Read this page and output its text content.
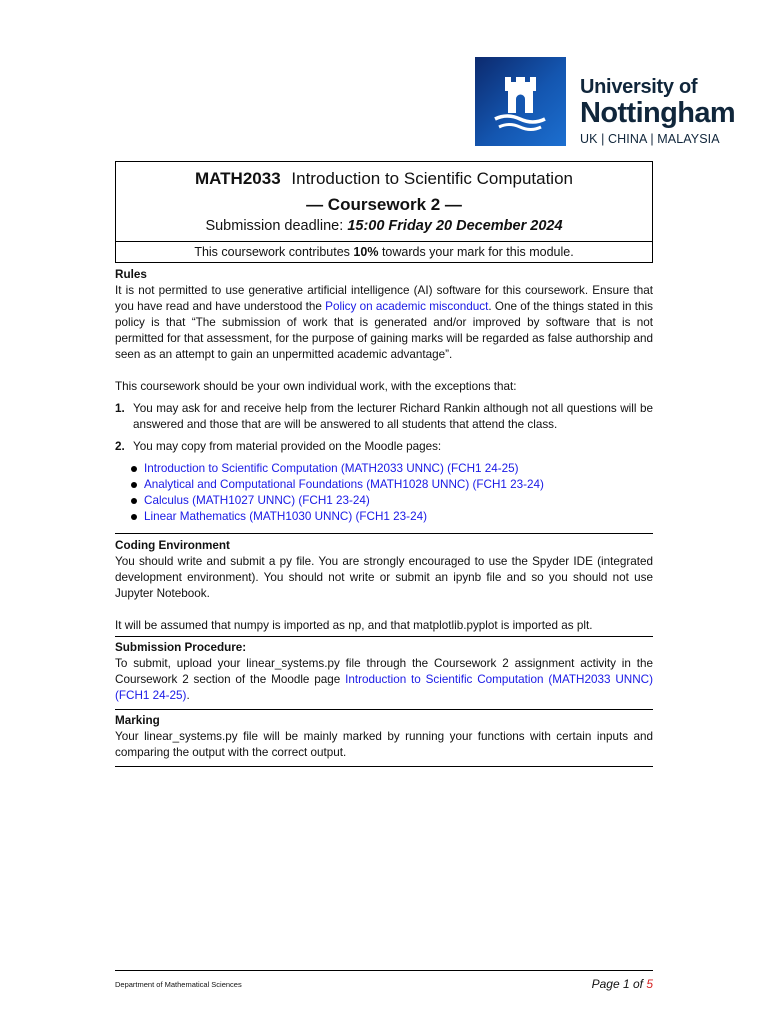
University of
Nottingham
UK | CHINA | MALAYSIA
MATH2033 Introduction to Scientific Computation
— Coursework 2 —
Submission deadline: 15:00 Friday 20 December 2024
This coursework contributes 10% towards your mark for this module.
Rules
It is not permitted to use generative artificial intelligence (AI) software for this coursework. Ensure that you have read and have understood the Policy on academic misconduct. One of the things stated in this policy is that “The submission of work that is generated and/or improved by software that is not permitted for that assessment, for the purpose of gaining marks will be regarded as false authorship and seen as an attempt to gain an unpermitted academic advantage”.
This coursework should be your own individual work, with the exceptions that:
1. You may ask for and receive help from the lecturer Richard Rankin although not all questions will be answered and those that are will be answered to all students that attend the class.
2. You may copy from material provided on the Moodle pages:
Introduction to Scientific Computation (MATH2033 UNNC) (FCH1 24-25)
Analytical and Computational Foundations (MATH1028 UNNC) (FCH1 23-24)
Calculus (MATH1027 UNNC) (FCH1 23-24)
Linear Mathematics (MATH1030 UNNC) (FCH1 23-24)
Coding Environment
You should write and submit a py file. You are strongly encouraged to use the Spyder IDE (integrated development environment). You should not write or submit an ipynb file and so you should not use Jupyter Notebook.
It will be assumed that numpy is imported as np, and that matplotlib.pyplot is imported as plt.
Submission Procedure:
To submit, upload your linear_systems.py file through the Coursework 2 assignment activity in the Coursework 2 section of the Moodle page Introduction to Scientific Computation (MATH2033 UNNC) (FCH1 24-25).
Marking
Your linear_systems.py file will be mainly marked by running your functions with certain inputs and comparing the output with the correct output.
Department of Mathematical Sciences	Page 1 of 5
